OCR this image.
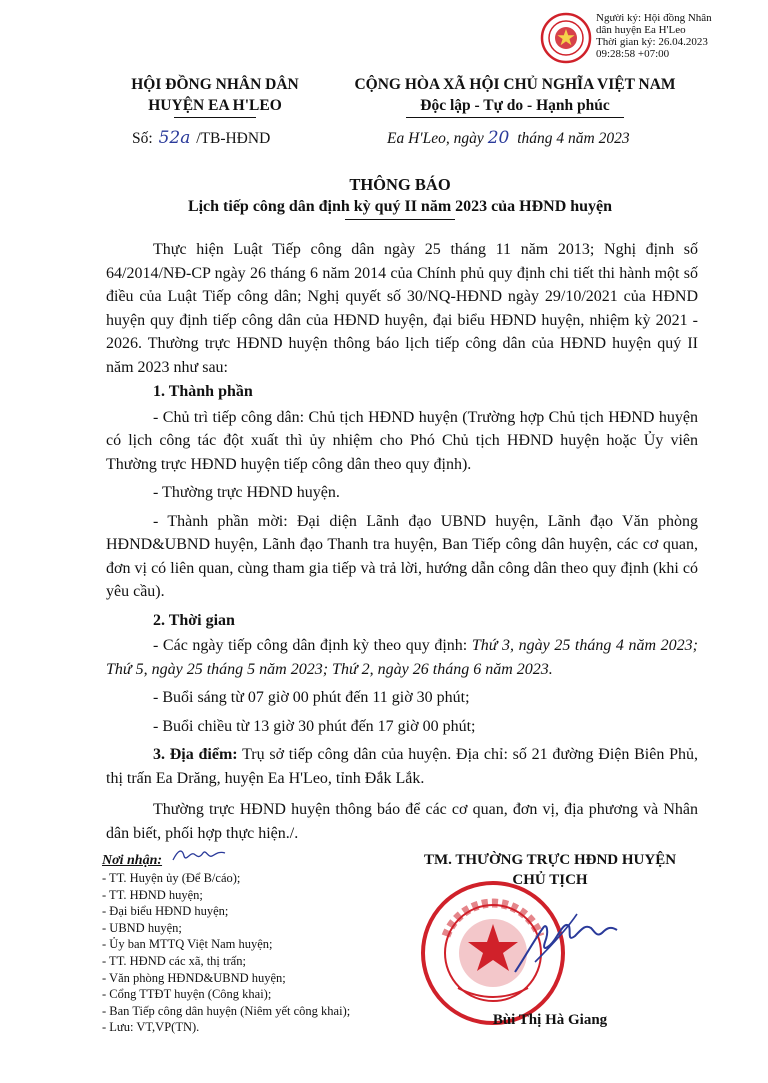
Người ký: Hội đồng Nhân
dân huyện Ea H'Leo
Thời gian ký: 26.04.2023
09:28:58 +07:00
HỘI ĐỒNG NHÂN DÂN
HUYỆN EA H'LEO
CỘNG HÒA XÃ HỘI CHỦ NGHĨA VIỆT NAM
Độc lập - Tự do - Hạnh phúc
Số: 52a /TB-HĐND	Ea H'Leo, ngày 20 tháng 4 năm 2023
THÔNG BÁO
Lịch tiếp công dân định kỳ quý II năm 2023 của HĐND huyện
Thực hiện Luật Tiếp công dân ngày 25 tháng 11 năm 2013; Nghị định số 64/2014/NĐ-CP ngày 26 tháng 6 năm 2014 của Chính phủ quy định chi tiết thi hành một số điều của Luật Tiếp công dân; Nghị quyết số 30/NQ-HĐND ngày 29/10/2021 của HĐND huyện quy định tiếp công dân của HĐND huyện, đại biểu HĐND huyện, nhiệm kỳ 2021 - 2026. Thường trực HĐND huyện thông báo lịch tiếp công dân của HĐND huyện quý II năm 2023 như sau:
1. Thành phần
- Chủ trì tiếp công dân: Chủ tịch HĐND huyện (Trường hợp Chủ tịch HĐND huyện có lịch công tác đột xuất thì ủy nhiệm cho Phó Chủ tịch HĐND huyện hoặc Ủy viên Thường trực HĐND huyện tiếp công dân theo quy định).
- Thường trực HĐND huyện.
- Thành phần mời: Đại diện Lãnh đạo UBND huyện, Lãnh đạo Văn phòng HĐND&UBND huyện, Lãnh đạo Thanh tra huyện, Ban Tiếp công dân huyện, các cơ quan, đơn vị có liên quan, cùng tham gia tiếp và trả lời, hướng dẫn công dân theo quy định (khi có yêu cầu).
2. Thời gian
- Các ngày tiếp công dân định kỳ theo quy định: Thứ 3, ngày 25 tháng 4 năm 2023; Thứ 5, ngày 25 tháng 5 năm 2023; Thứ 2, ngày 26 tháng 6 năm 2023.
- Buổi sáng từ 07 giờ 00 phút đến 11 giờ 30 phút;
- Buổi chiều từ 13 giờ 30 phút đến 17 giờ 00 phút;
3. Địa điểm: Trụ sở tiếp công dân của huyện. Địa chỉ: số 21 đường Điện Biên Phủ, thị trấn Ea Drăng, huyện Ea H'Leo, tỉnh Đắk Lắk.
Thường trực HĐND huyện thông báo để các cơ quan, đơn vị, địa phương và Nhân dân biết, phối hợp thực hiện./.
Nơi nhận:
- TT. Huyện ủy (Để B/cáo);
- TT. HĐND huyện;
- Đại biểu HĐND huyện;
- UBND huyện;
- Ủy ban MTTQ Việt Nam huyện;
- TT. HĐND các xã, thị trấn;
- Văn phòng HĐND&UBND huyện;
- Cổng TTĐT huyện (Công khai);
- Ban Tiếp công dân huyện (Niêm yết công khai);
- Lưu: VT,VP(TN).
TM. THƯỜNG TRỰC HĐND HUYỆN
CHỦ TỊCH
Bùi Thị Hà Giang
